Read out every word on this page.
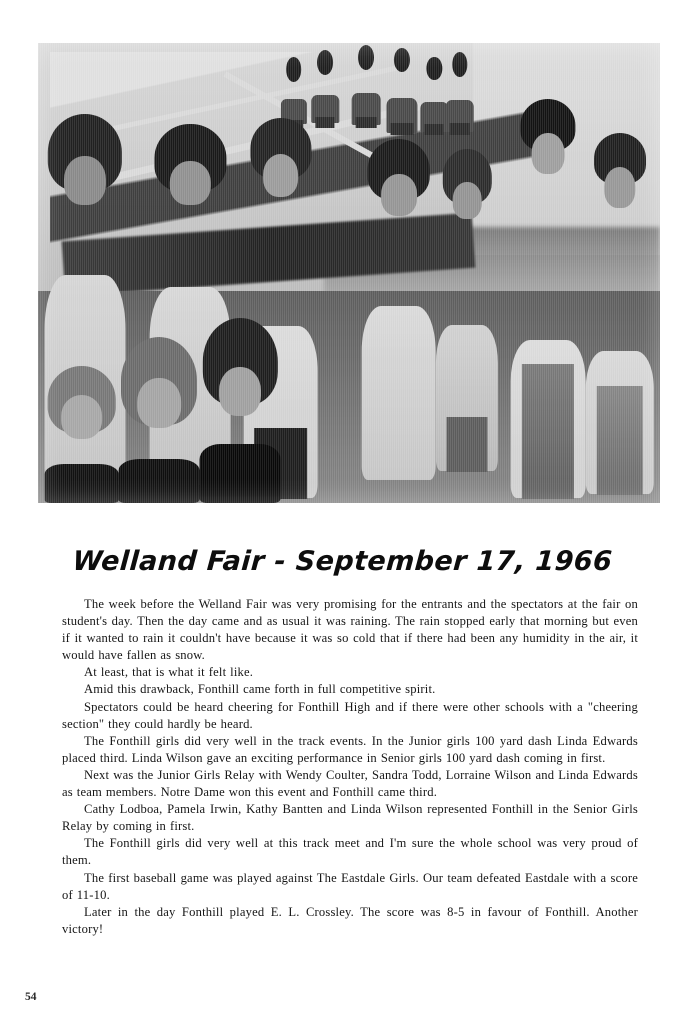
Welland Fair - September 17, 1966

The week before the Welland Fair was very promising for the entrants and the spectators at the fair on student's day. Then the day came and as usual it was raining. The rain stopped early that morning but even if it wanted to rain it couldn't have because it was so cold that if there had been any humidity in the air, it would have fallen as snow.

At least, that is what it felt like.

Amid this drawback, Fonthill came forth in full competitive spirit.

Spectators could be heard cheering for Fonthill High and if there were other schools with a "cheering section" they could hardly be heard.

The Fonthill girls did very well in the track events. In the Junior girls 100 yard dash Linda Edwards placed third. Linda Wilson gave an exciting performance in Senior girls 100 yard dash coming in first.

Next was the Junior Girls Relay with Wendy Coulter, Sandra Todd, Lorraine Wilson and Linda Edwards as team members. Notre Dame won this event and Fonthill came third.

Cathy Lodboa, Pamela Irwin, Kathy Bantten and Linda Wilson represented Fonthill in the Senior Girls Relay by coming in first.

The Fonthill girls did very well at this track meet and I'm sure the whole school was very proud of them.

The first baseball game was played against The Eastdale Girls. Our team defeated Eastdale with a score of 11-10.

Later in the day Fonthill played E. L. Crossley. The score was 8-5 in favour of Fonthill. Another victory!

54
